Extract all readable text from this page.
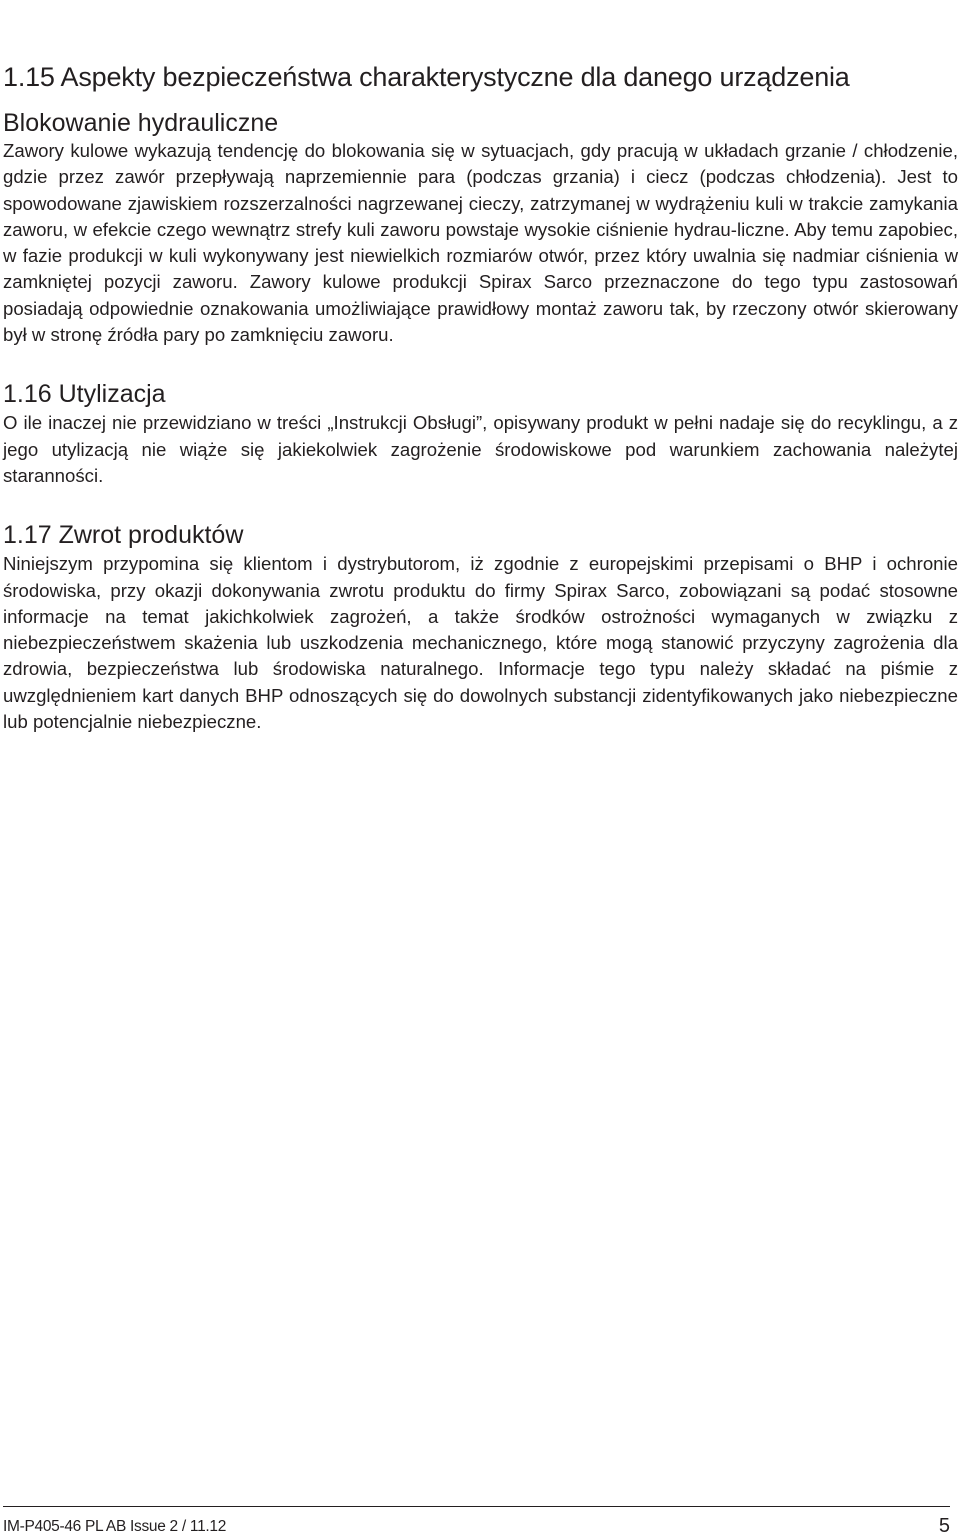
1.15 Aspekty bezpieczeństwa charakterystyczne dla danego urządzenia
Blokowanie hydrauliczne

Zawory kulowe wykazują tendencję do blokowania się w sytuacjach, gdy pracują w układach grzanie / chłodzenie, gdzie przez zawór przepływają naprzemiennie para (podczas grzania) i ciecz (podczas chłodzenia). Jest to spowodowane zjawiskiem rozszerzalności nagrzewanej cieczy, zatrzymanej w wydrążeniu kuli w trakcie zamykania zaworu, w efekcie czego wewnątrz strefy kuli zaworu powstaje wysokie ciśnienie hydrau-liczne. Aby temu zapobiec, w fazie produkcji w kuli wykonywany jest niewielkich rozmiarów otwór, przez który uwalnia się nadmiar ciśnienia w zamkniętej pozycji zaworu. Zawory kulowe produkcji Spirax Sarco przeznaczone do tego typu zastosowań posiadają odpowiednie oznakowania umożliwiające prawidłowy montaż zaworu tak, by rzeczony otwór skierowany był w stronę źródła pary po zamknięciu zaworu.

1.16 Utylizacja

O ile inaczej nie przewidziano w treści „Instrukcji Obsługi”, opisywany produkt w pełni nadaje się do recyklingu, a z jego utylizacją nie wiąże się jakiekolwiek zagrożenie środowiskowe pod warunkiem zachowania należytej staranności.

1.17 Zwrot produktów

Niniejszym przypomina się klientom i dystrybutorom, iż zgodnie z europejskimi przepisami o BHP i ochronie środowiska, przy okazji dokonywania zwrotu produktu do firmy Spirax Sarco, zobowiązani są podać stosowne informacje na temat jakichkolwiek zagrożeń, a także środków ostrożności wymaganych w związku z niebezpieczeństwem skażenia lub uszkodzenia mechanicznego, które mogą stanowić przyczyny zagrożenia dla zdrowia, bezpieczeństwa lub środowiska naturalnego. Informacje tego typu należy składać na piśmie z uwzględnieniem kart danych BHP odnoszących się do dowolnych substancji zidentyfikowanych jako niebezpieczne lub potencjalnie niebezpieczne.

IM-P405-46 PL AB Issue 2 / 11.12	5
